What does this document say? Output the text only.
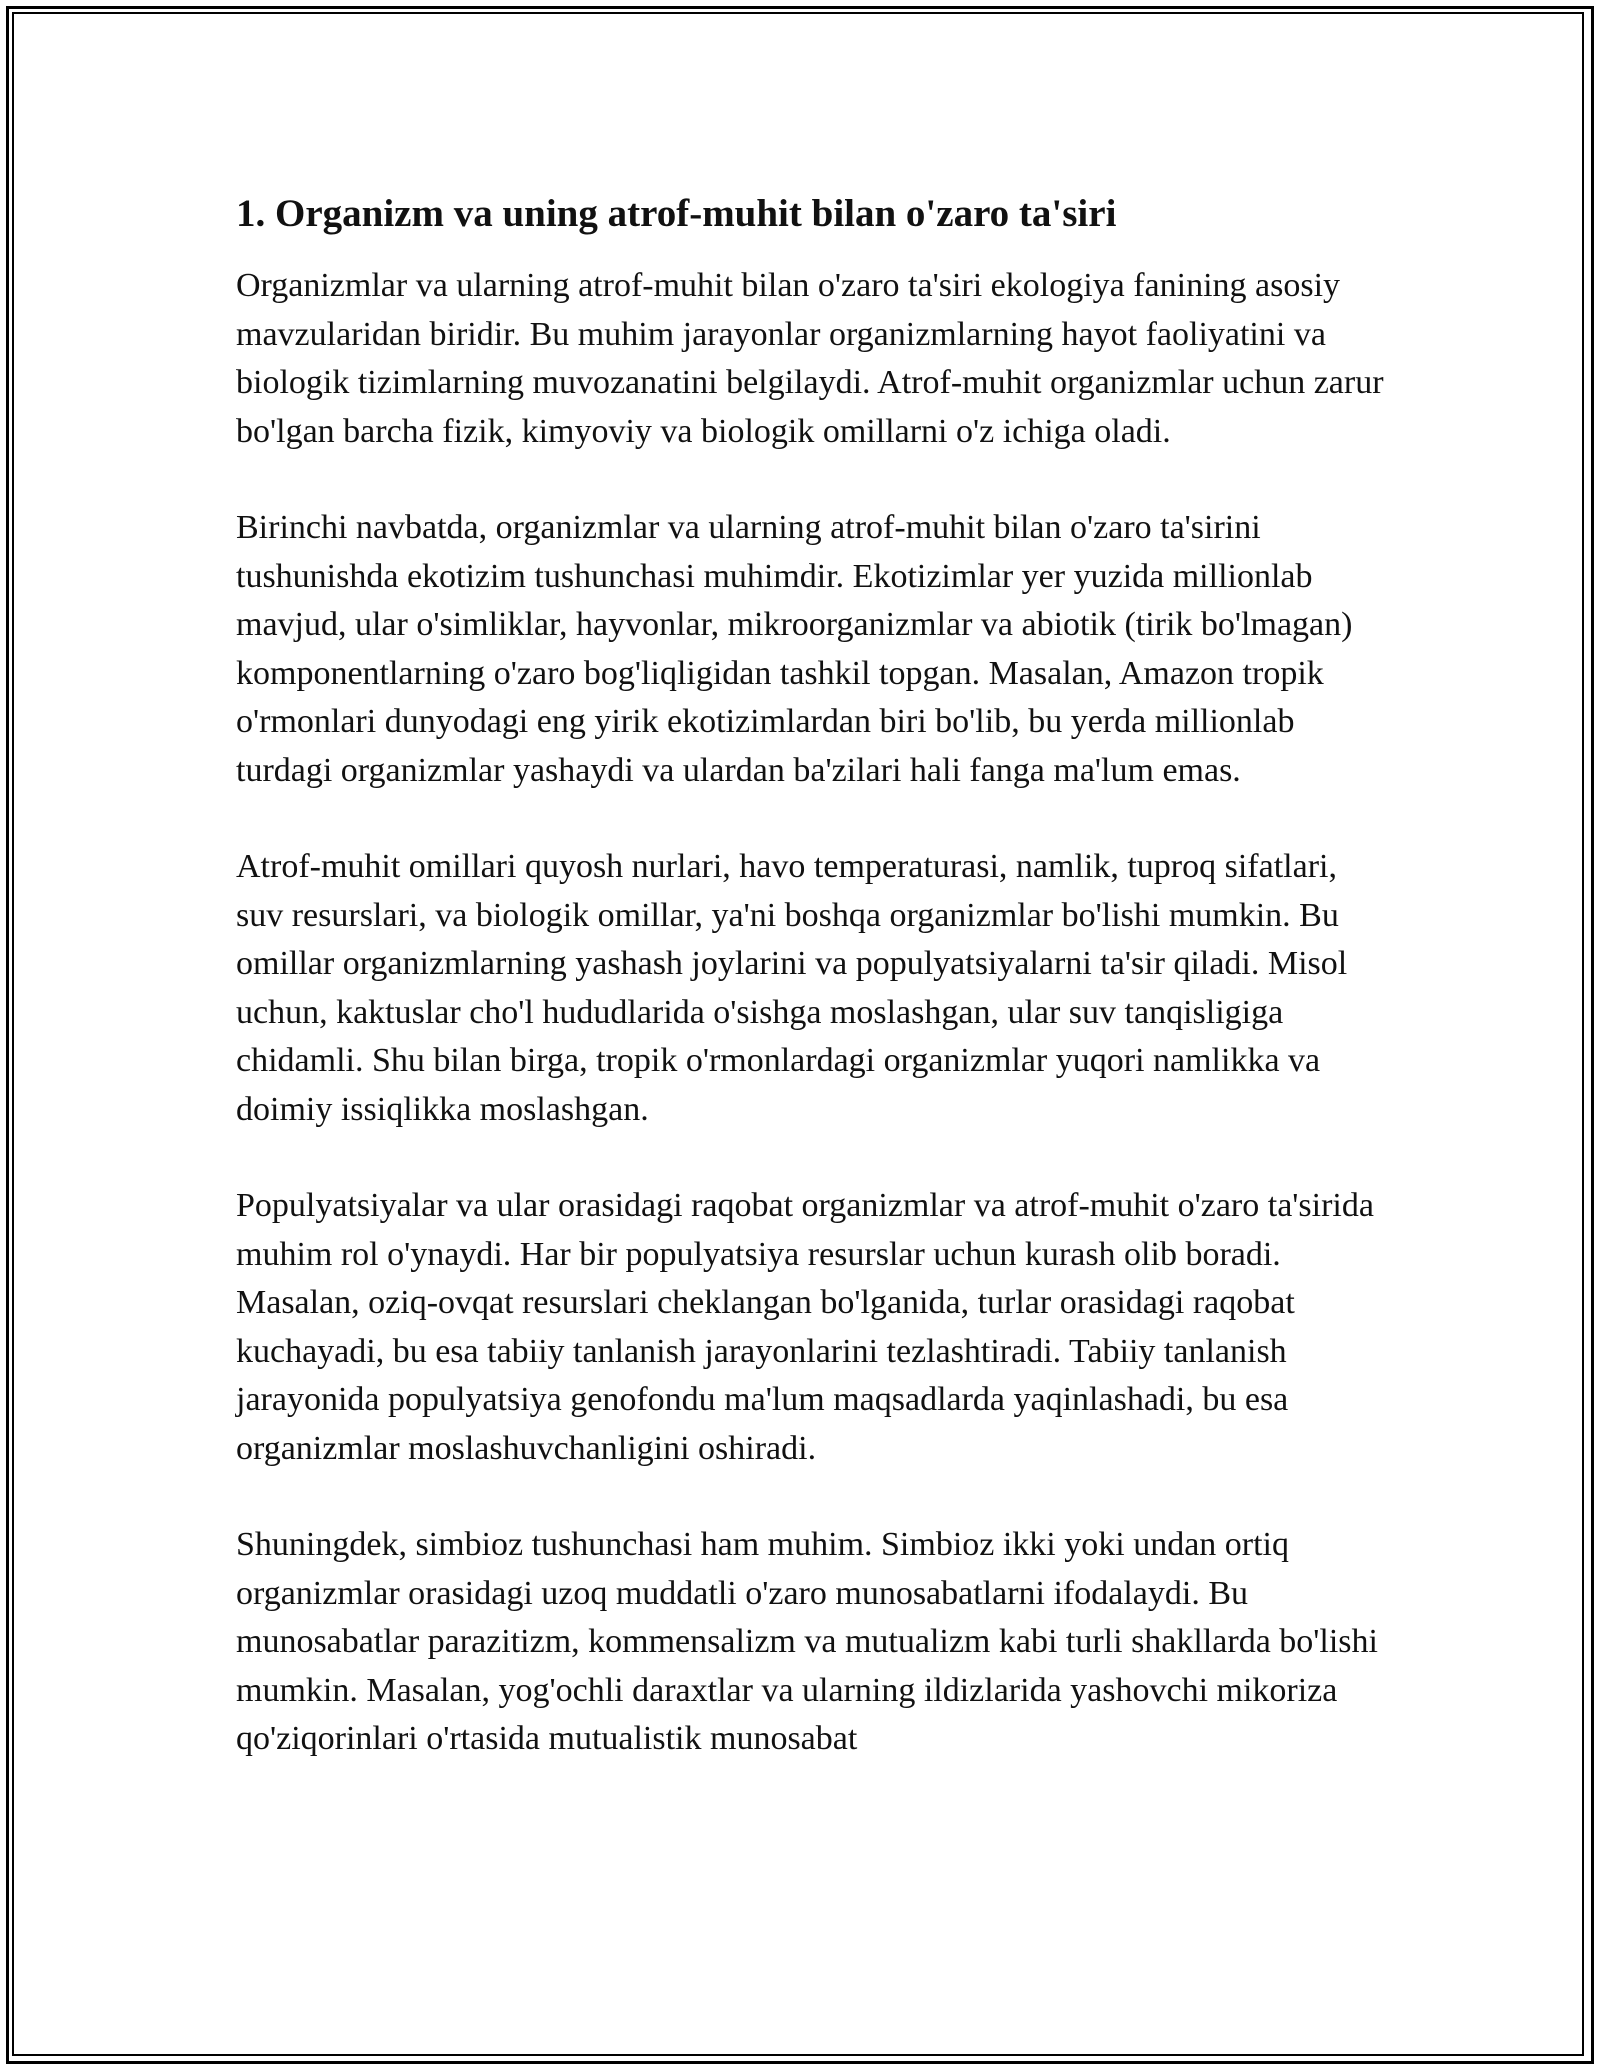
1. Organizm va uning atrof-muhit bilan o'zaro ta'siri

Organizmlar va ularning atrof-muhit bilan o'zaro ta'siri ekologiya fanining asosiy mavzularidan biridir. Bu muhim jarayonlar organizmlarning hayot faoliyatini va biologik tizimlarning muvozanatini belgilaydi. Atrof-muhit organizmlar uchun zarur bo'lgan barcha fizik, kimyoviy va biologik omillarni o'z ichiga oladi.

Birinchi navbatda, organizmlar va ularning atrof-muhit bilan o'zaro ta'sirini tushunishda ekotizim tushunchasi muhimdir. Ekotizimlar yer yuzida millionlab mavjud, ular o'simliklar, hayvonlar, mikroorganizmlar va abiotik (tirik bo'lmagan) komponentlarning o'zaro bog'liqligidan tashkil topgan. Masalan, Amazon tropik o'rmonlari dunyodagi eng yirik ekotizimlardan biri bo'lib, bu yerda millionlab turdagi organizmlar yashaydi va ulardan ba'zilari hali fanga ma'lum emas.

Atrof-muhit omillari quyosh nurlari, havo temperaturasi, namlik, tuproq sifatlari, suv resurslari, va biologik omillar, ya'ni boshqa organizmlar bo'lishi mumkin. Bu omillar organizmlarning yashash joylarini va populyatsiyalarni ta'sir qiladi. Misol uchun, kaktuslar cho'l hududlarida o'sishga moslashgan, ular suv tanqisligiga chidamli. Shu bilan birga, tropik o'rmonlardagi organizmlar yuqori namlikka va doimiy issiqlikka moslashgan.

Populyatsiyalar va ular orasidagi raqobat organizmlar va atrof-muhit o'zaro ta'sirida muhim rol o'ynaydi. Har bir populyatsiya resurslar uchun kurash olib boradi. Masalan, oziq-ovqat resurslari cheklangan bo'lganida, turlar orasidagi raqobat kuchayadi, bu esa tabiiy tanlanish jarayonlarini tezlashtiradi. Tabiiy tanlanish jarayonida populyatsiya genofondu ma'lum maqsadlarda yaqinlashadi, bu esa organizmlar moslashuvchanligini oshiradi.

Shuningdek, simbioz tushunchasi ham muhim. Simbioz ikki yoki undan ortiq organizmlar orasidagi uzoq muddatli o'zaro munosabatlarni ifodalaydi. Bu munosabatlar parazitizm, kommensalizm va mutualizm kabi turli shakllarda bo'lishi mumkin. Masalan, yog'ochli daraxtlar va ularning ildizlarida yashovchi mikoriza qo'ziqorinlari o'rtasida mutualistik munosabat
